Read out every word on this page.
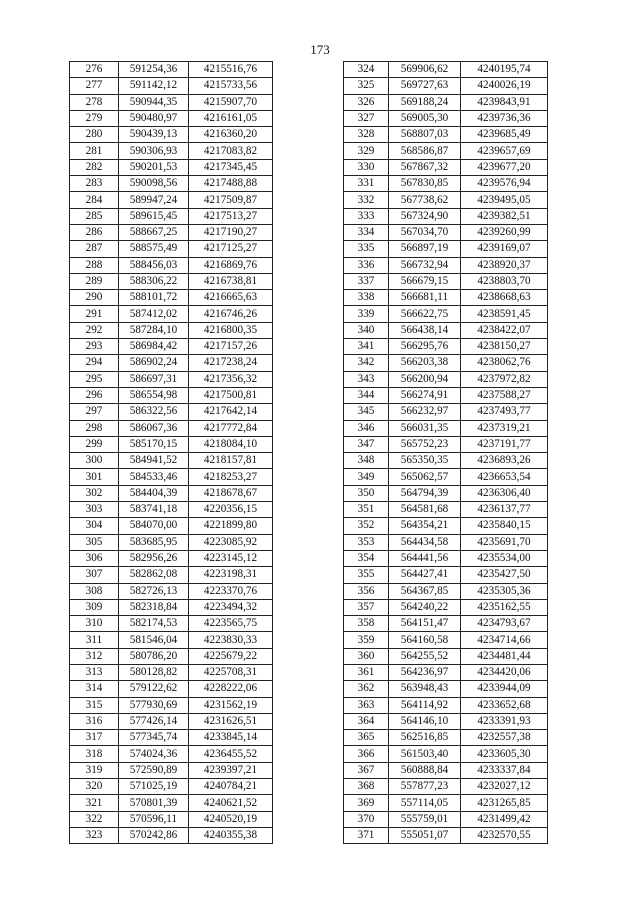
173
276	591254,36	4215516,76
277	591142,12	4215733,56
278	590944,35	4215907,70
279	590480,97	4216161,05
280	590439,13	4216360,20
281	590306,93	4217083,82
282	590201,53	4217345,45
283	590098,56	4217488,88
284	589947,24	4217509,87
285	589615,45	4217513,27
286	588667,25	4217190,27
287	588575,49	4217125,27
288	588456,03	4216869,76
289	588306,22	4216738,81
290	588101,72	4216665,63
291	587412,02	4216746,26
292	587284,10	4216800,35
293	586984,42	4217157,26
294	586902,24	4217238,24
295	586697,31	4217356,32
296	586554,98	4217500,81
297	586322,56	4217642,14
298	586067,36	4217772,84
299	585170,15	4218084,10
300	584941,52	4218157,81
301	584533,46	4218253,27
302	584404,39	4218678,67
303	583741,18	4220356,15
304	584070,00	4221899,80
305	583685,95	4223085,92
306	582956,26	4223145,12
307	582862,08	4223198,31
308	582726,13	4223370,76
309	582318,84	4223494,32
310	582174,53	4223565,75
311	581546,04	4223830,33
312	580786,20	4225679,22
313	580128,82	4225708,31
314	579122,62	4228222,06
315	577930,69	4231562,19
316	577426,14	4231626,51
317	577345,74	4233845,14
318	574024,36	4236455,52
319	572590,89	4239397,21
320	571025,19	4240784,21
321	570801,39	4240621,52
322	570596,11	4240520,19
323	570242,86	4240355,38
324	569906,62	4240195,74
325	569727,63	4240026,19
326	569188,24	4239843,91
327	569005,30	4239736,36
328	568807,03	4239685,49
329	568586,87	4239657,69
330	567867,32	4239677,20
331	567830,85	4239576,94
332	567738,62	4239495,05
333	567324,90	4239382,51
334	567034,70	4239260,99
335	566897,19	4239169,07
336	566732,94	4238920,37
337	566679,15	4238803,70
338	566681,11	4238668,63
339	566622,75	4238591,45
340	566438,14	4238422,07
341	566295,76	4238150,27
342	566203,38	4238062,76
343	566200,94	4237972,82
344	566274,91	4237588,27
345	566232,97	4237493,77
346	566031,35	4237319,21
347	565752,23	4237191,77
348	565350,35	4236893,26
349	565062,57	4236653,54
350	564794,39	4236306,40
351	564581,68	4236137,77
352	564354,21	4235840,15
353	564434,58	4235691,70
354	564441,56	4235534,00
355	564427,41	4235427,50
356	564367,85	4235305,36
357	564240,22	4235162,55
358	564151,47	4234793,67
359	564160,58	4234714,66
360	564255,52	4234481,44
361	564236,97	4234420,06
362	563948,43	4233944,09
363	564114,92	4233652,68
364	564146,10	4233391,93
365	562516,85	4232557,38
366	561503,40	4233605,30
367	560888,84	4233337,84
368	557877,23	4232027,12
369	557114,05	4231265,85
370	555759,01	4231499,42
371	555051,07	4232570,55
